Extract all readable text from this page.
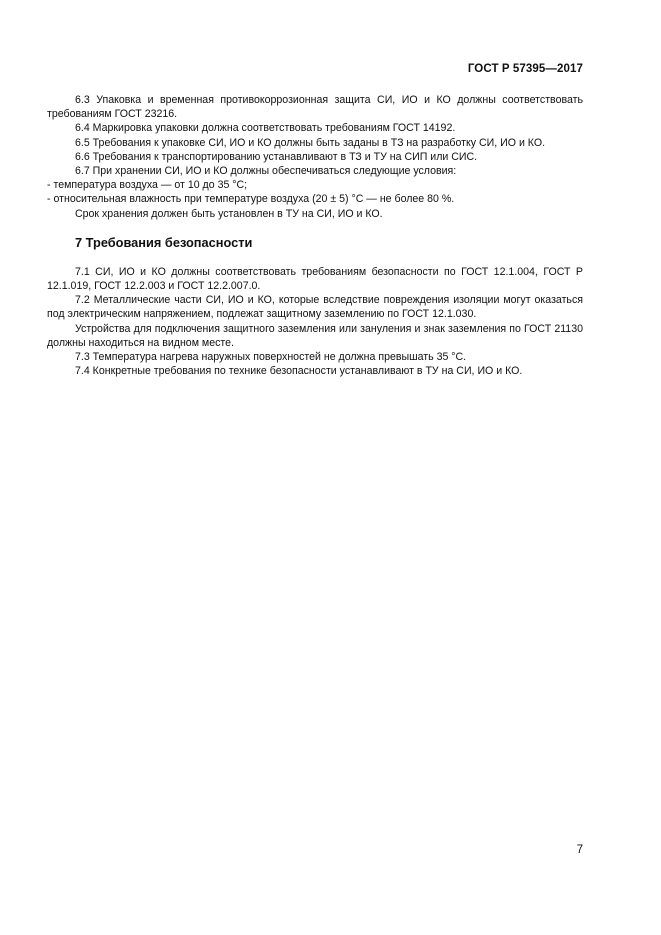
ГОСТ Р 57395—2017

6.3 Упаковка и временная противокоррозионная защита СИ, ИО и КО должны соответствовать требованиям ГОСТ 23216.

6.4 Маркировка упаковки должна соответствовать требованиям ГОСТ 14192.

6.5 Требования к упаковке СИ, ИО и КО должны быть заданы в ТЗ на разработку СИ, ИО и КО.

6.6 Требования к транспортированию устанавливают в ТЗ и ТУ на СИП или СИС.

6.7 При хранении СИ, ИО и КО должны обеспечиваться следующие условия:

- температура воздуха — от 10 до 35 °С;

- относительная влажность при температуре воздуха (20 ± 5) °С — не более 80 %.

Срок хранения должен быть установлен в ТУ на СИ, ИО и КО.

7 Требования безопасности

7.1 СИ, ИО и КО должны соответствовать требованиям безопасности по ГОСТ 12.1.004, ГОСТ Р 12.1.019, ГОСТ 12.2.003 и ГОСТ 12.2.007.0.

7.2 Металлические части СИ, ИО и КО, которые вследствие повреждения изоляции могут оказаться под электрическим напряжением, подлежат защитному заземлению по ГОСТ 12.1.030.

Устройства для подключения защитного заземления или зануления и знак заземления по ГОСТ 21130 должны находиться на видном месте.

7.3 Температура нагрева наружных поверхностей не должна превышать 35 °С.

7.4 Конкретные требования по технике безопасности устанавливают в ТУ на СИ, ИО и КО.

7
